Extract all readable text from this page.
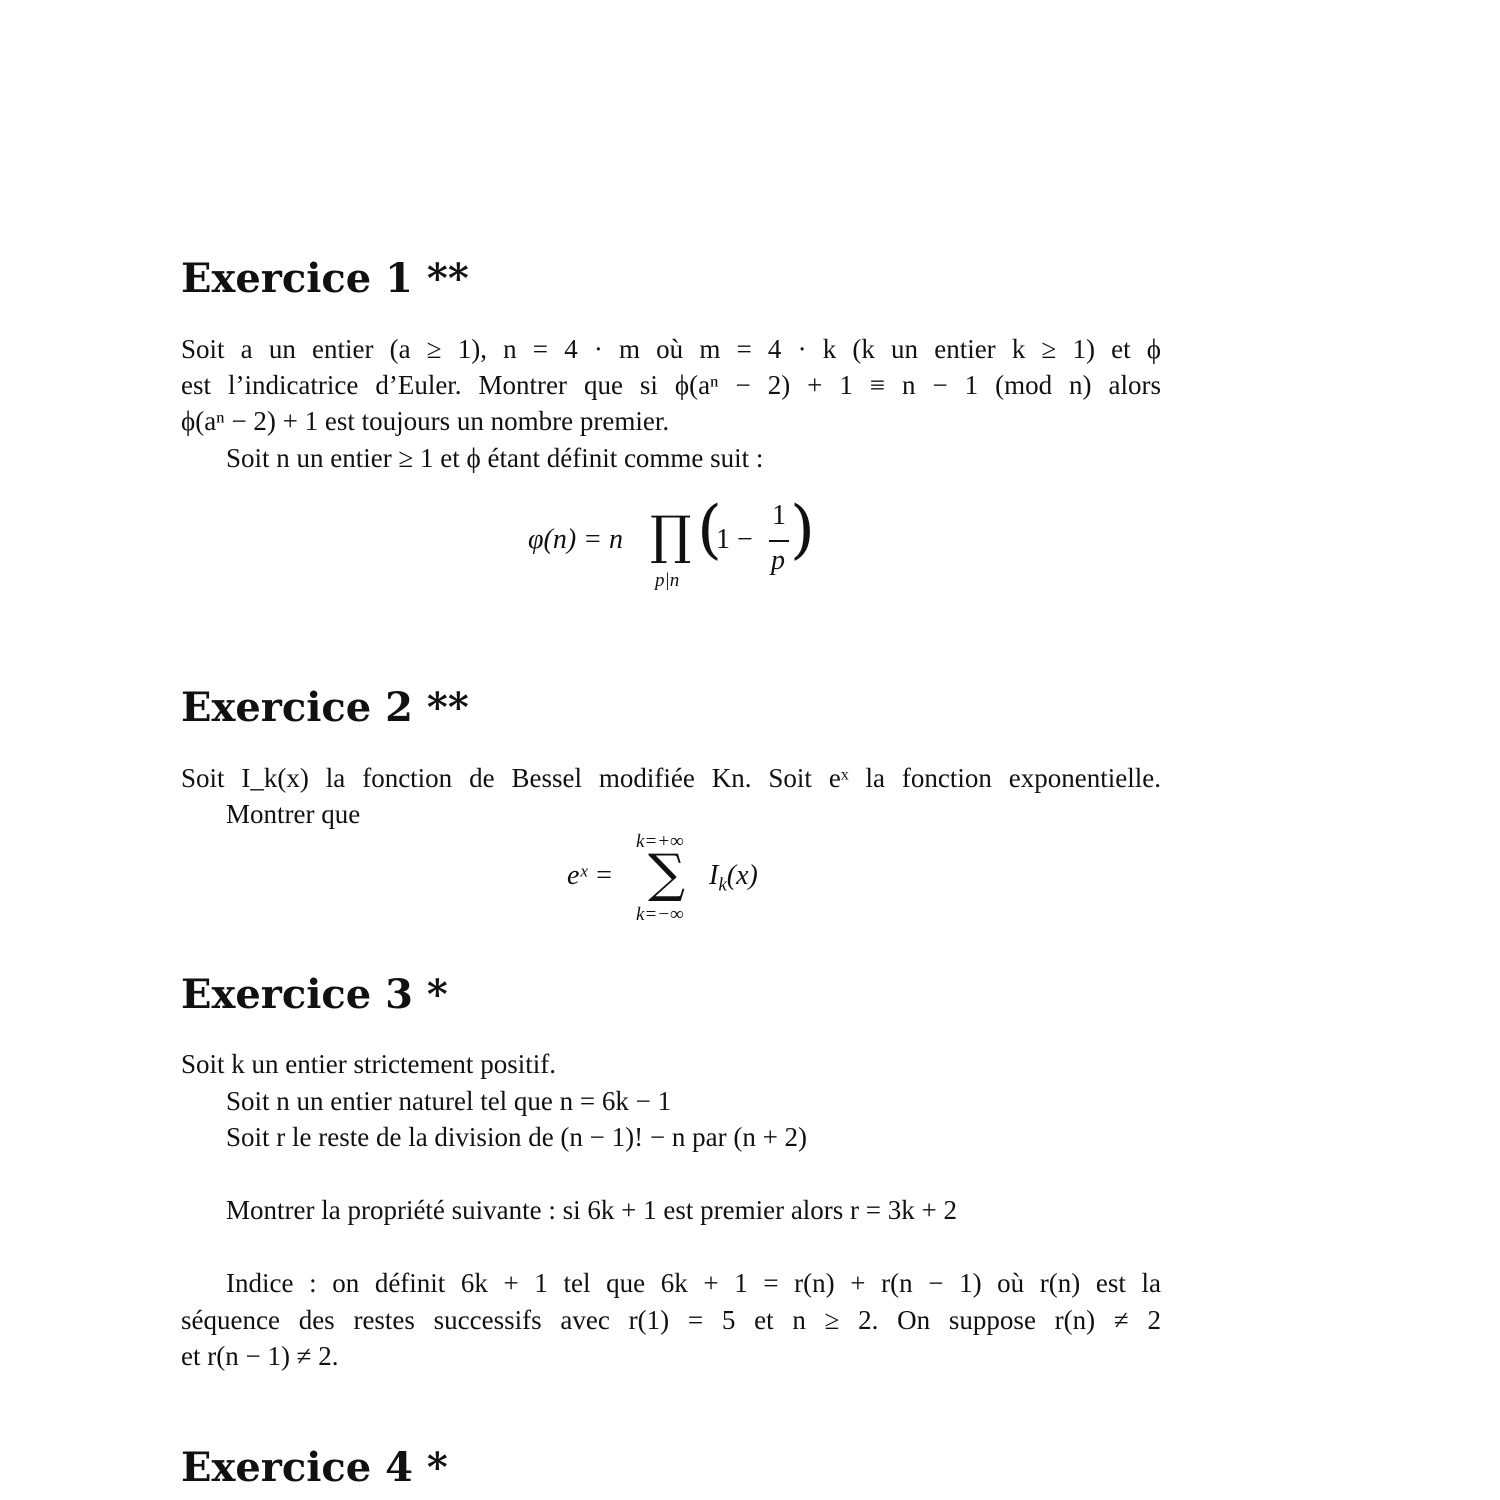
Exercice 1 **
Soit a un entier (a ≥ 1), n = 4 · m où m = 4 · k (k un entier k ≥ 1) et ϕ
est l’indicatrice d’Euler. Montrer que si ϕ(aⁿ − 2) + 1 ≡ n − 1 (mod n) alors
ϕ(aⁿ − 2) + 1 est toujours un nombre premier.
Soit n un entier ≥ 1 et ϕ étant définit comme suit :
φ(n) = n ∏
p|n
(
1 −
1
p )
Exercice 2 **
Soit I_k(x) la fonction de Bessel modifiée Kn. Soit eˣ la fonction exponentielle.
Montrer que
eˣ =
k=+∞
∑
k=−∞
$I_k(x)$
Exercice 3 *
Soit k un entier strictement positif.
Soit n un entier naturel tel que n = 6k − 1
Soit r le reste de la division de (n − 1)! − n par (n + 2)
Montrer la propriété suivante : si 6k + 1 est premier alors r = 3k + 2
Indice : on définit 6k + 1 tel que 6k + 1 = r(n) + r(n − 1) où r(n) est la
séquence des restes successifs avec r(1) = 5 et n ≥ 2. On suppose r(n) ≠ 2
et r(n − 1) ≠ 2.
Exercice 4 *
